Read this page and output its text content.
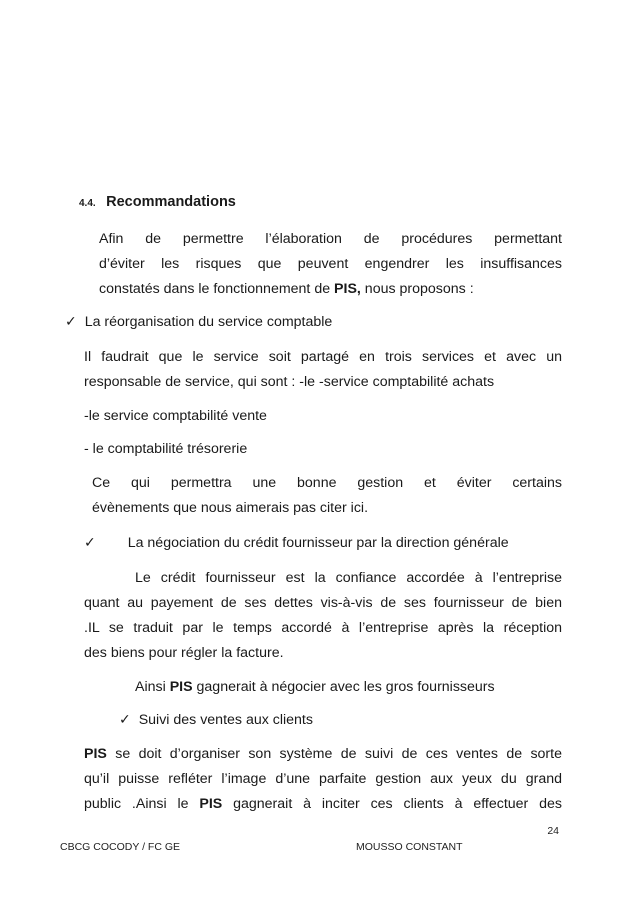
4.4. Recommandations
Afin de permettre l’élaboration de procédures permettant
d’éviter les risques que peuvent engendrer les insuffisances
constatés dans le fonctionnement de PIS, nous proposons :
✓ La réorganisation du service comptable
Il faudrait que le service soit partagé en trois services et avec un
responsable de service, qui sont : -le -service comptabilité achats
-le service comptabilité vente
- le comptabilité trésorerie
Ce qui permettra une bonne gestion et éviter certains
évènements que nous aimerais pas citer ici.
✓ La négociation du crédit fournisseur par la direction générale
Le crédit fournisseur est la confiance accordée à l’entreprise
quant au payement de ses dettes vis-à-vis de ses fournisseur de bien
.IL se traduit par le temps accordé à l’entreprise après la réception
des biens pour régler la facture.
Ainsi PIS gagnerait à négocier avec les gros fournisseurs
✓ Suivi des ventes aux clients
PIS se doit d’organiser son système de suivi de ces ventes de sorte
qu’il puisse refléter l’image d’une parfaite gestion aux yeux du grand
public .Ainsi le PIS gagnerait à inciter ces clients à effectuer des
24
CBCG COCODY / FC GE	MOUSSO CONSTANT
